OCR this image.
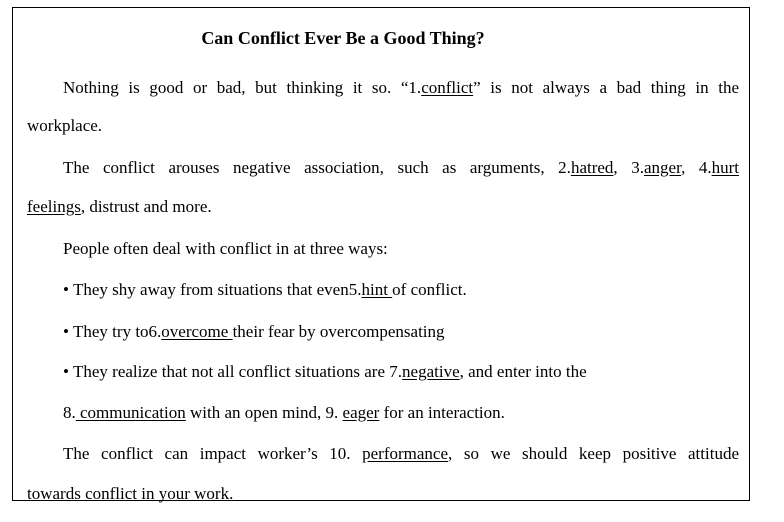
Can Conflict Ever Be a Good Thing?
Nothing is good or bad, but thinking it so. “1.conflict” is not always a bad thing in the
workplace.
The conflict arouses negative association, such as arguments, 2.hatred, 3.anger, 4.hurt
feelings, distrust and more.
People often deal with conflict in at three ways:
• They shy away from situations that even5.hint of conflict.
• They try to6.overcome their fear by overcompensating
• They realize that not all conflict situations are 7.negative, and enter into the
8. communication with an open mind, 9. eager for an interaction.
The conflict can impact worker’s 10. performance, so we should keep positive attitude
towards conflict in your work.
